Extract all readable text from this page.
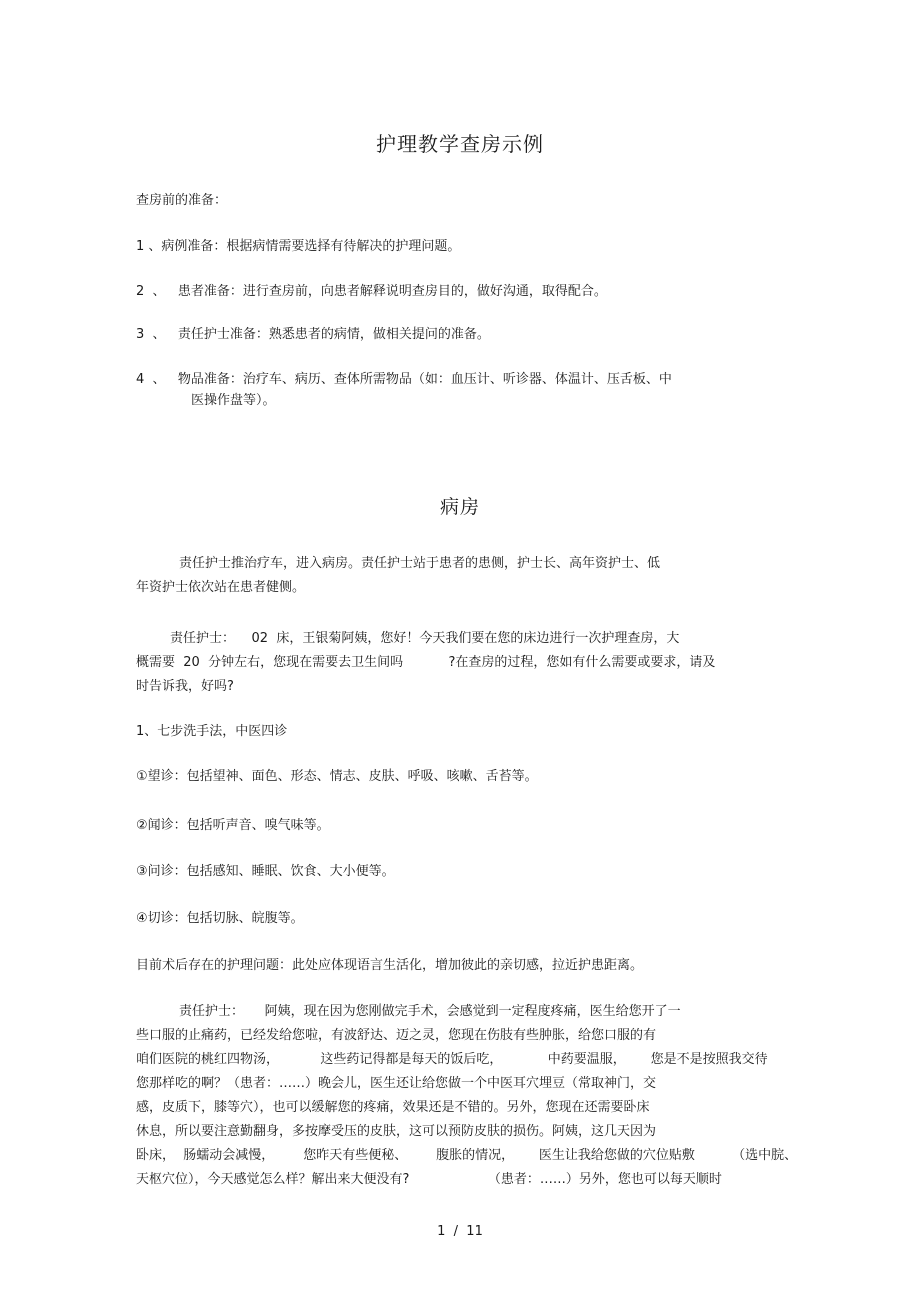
护理教学查房示例
查房前的准备：
1 、病例准备：根据病情需要选择有待解决的护理问题。
2  、   患者准备：进行查房前，向患者解释说明查房目的，做好沟通，取得配合。
3  、   责任护士准备：熟悉患者的病情，做相关提问的准备。
4  、   物品准备：治疗车、病历、查体所需物品（如：血压计、听诊器、体温计、压舌板、中
医操作盘等）。
病房
责任护士推治疗车，进入病房。责任护士站于患者的患侧，护士长、高年资护士、低
年资护士依次站在患者健侧。
责任护士：    02  床，王银菊阿姨，您好！今天我们要在您的床边进行一次护理查房，大
概需要  20  分钟左右，您现在需要去卫生间吗           ?在查房的过程，您如有什么需要或要求，请及
时告诉我，好吗?
1、七步洗手法，中医四诊
①望诊：包括望神、面色、形态、情志、皮肤、呼吸、咳嗽、舌苔等。
②闻诊：包括听声音、嗅气味等。
③问诊：包括感知、睡眠、饮食、大小便等。
④切诊：包括切脉、皖腹等。
目前术后存在的护理问题：此处应体现语言生活化，增加彼此的亲切感，拉近护患距离。
责任护士：     阿姨，现在因为您刚做完手术，会感觉到一定程度疼痛，医生给您开了一
些口服的止痛药，已经发给您啦，有波舒达、迈之灵，您现在伤肢有些肿胀，给您口服的有
咱们医院的桃红四物汤，          这些药记得都是每天的饭后吃，           中药要温服，      您是不是按照我交待
您那样吃的啊？（患者：……）晚会儿，医生还让给您做一个中医耳穴埋豆（常取神门，交
感，皮质下，膝等穴），也可以缓解您的疼痛，效果还是不错的。另外，您现在还需要卧床
休息，所以要注意勤翻身，多按摩受压的皮肤，这可以预防皮肤的损伤。阿姨，这几天因为
卧床，  肠蠕动会减慢，       您昨天有些便秘、       腹胀的情况，      医生让我给您做的穴位贴敷         （选中脘、
天枢穴位），今天感觉怎么样？解出来大便没有?                   （患者：……）另外，您也可以每天顺时
1  /  11
